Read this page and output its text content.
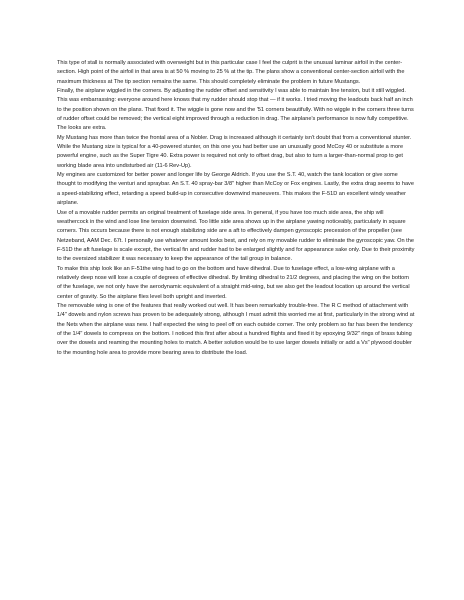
This type of stall is normally associated with overweight but in this particular case I feel the culprit is the unusual laminar airfoil in the center-section. High point of the airfoil in that area is at 50 % moving to 25 % at the tip. The plans show a conventional center-section airfoil with the maximum thickness at The tip section remains the same. This should completely eliminate the problem in future Mustangs.

Finally, the airplane wiggled in the corners. By adjusting the rudder offset and sensitivity I was able to maintain line tension, but it still wiggled. This was embarrassing: everyone around here knows that my rudder should stop that — if it works. I tried moving the leadouts back half an inch to the position shown on the plans. That fixed it. The wiggle is gone now and the '51 corners beautifully. With no wiggle in the corners three turns of rudder offset could be removed; the vertical eight improved through a reduction in drag. The airplane's performance is now fully competitive. The looks are extra.

My Mustang has more than twice the frontal area of a Nobler. Drag is increased although it certainly isn't doubt that from a conventional stunter. While the Mustang size is typical for a 40-powered stunter, on this one you had better use an unusually good McCoy 40 or substitute a more powerful engine, such as the Super Tigre 40. Extra power is required not only to offset drag, but also to turn a larger-than-normal prop to get working blade area into undisturbed air (11-6 Rev-Up).

My engines are customized for better power and longer life by George Aldrich. If you use the S.T. 40, watch the tank location or give some thought to modifying the venturi and spraybar. An S.T. 40 spray-bar 3/8" higher than McCoy or Fox engines. Lastly, the extra drag seems to have a speed-stabilizing effect, retarding a speed build-up in consecutive downwind maneuvers. This makes the F-51D an excellent windy weather airplane.

Use of a movable rudder permits an original treatment of fuselage side area. In general, if you have too much side area, the ship will weathercock in the wind and lose line tension downwind. Too little side area shows up in the airplane yawing noticeably, particularly in square corners. This occurs because there is not enough stabilizing side are a aft to effectively dampen gyroscopic precession of the propeller (see Netzeband, AAM Dec. 67t. I personally use whatever amount looks best, and rely on my movable rudder to eliminate the gyroscopic yaw. On the F-51D the aft fuselage is scale except, the vertical fin and rudder had to be enlarged slightly and for appearance sake only. Due to their proximity to the oversized stabilizer it was necessary to keep the appearance of the tail group in balance.

To make this ship look like an F-51the wing had to go on the bottom and have dihedral. Due to fuselage effect, a low-wing airplane with a relatively deep nose will lose a couple of degrees of effective dihedral. By limiting dihedral to 21/2 degrees, and placing the wing on the bottom of the fuselage, we not only have the aerodynamic equivalent of a straight mid-wing, but we also get the leadout location up around the vertical center of gravity. So the airplane flies level both upright and inverted.

The removable wing is one of the features that really worked out well. It has been remarkably trouble-free. The R C method of attachment with 1/4" dowels and nylon screws has proven to be adequately strong, although I must admit this worried me at first, particularly in the strong wind at the Nets when the airplane was new. I half expected the wing to peel off on each outside corner. The only problem so far has been the tendency of the 1/4" dowels to compress on the bottom. I noticed this first after about a hundred flights and fixed it by epoxying 9/32" rings of brass tubing over the dowels and reaming the mounting holes to match. A better solution would be to use larger dowels initially or add a Vs" plywood doubler to the mounting hole area to provide more bearing area to distribute the load.
